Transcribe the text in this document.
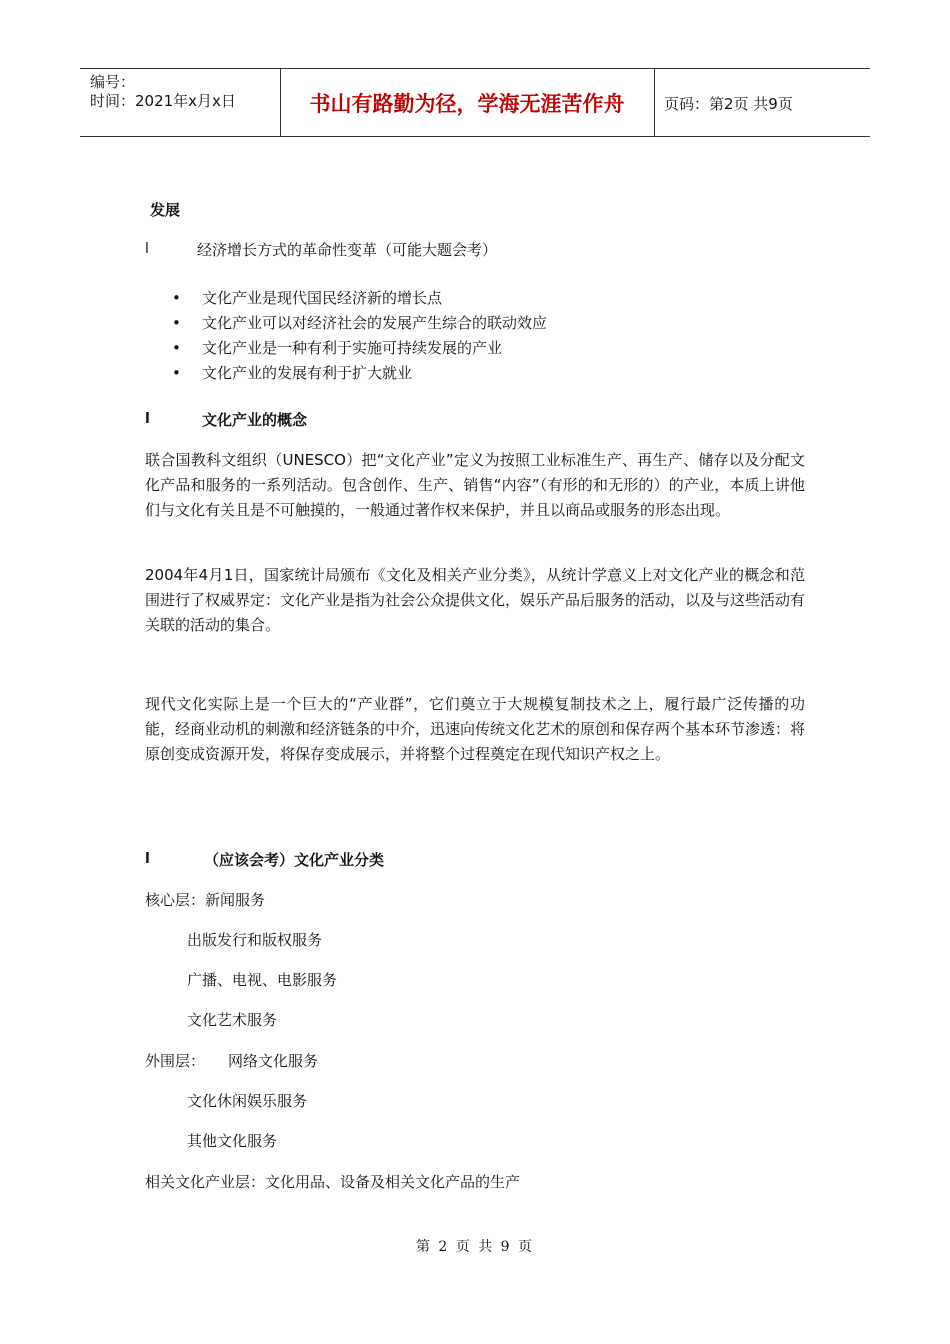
编号：
时间：2021年x月x日	书山有路勤为径，学海无涯苦作舟	页码：第2页 共9页
发展
l	经济增长方式的革命性变革（可能大题会考）
• 文化产业是现代国民经济新的增长点
• 文化产业可以对经济社会的发展产生综合的联动效应
• 文化产业是一种有利于实施可持续发展的产业
• 文化产业的发展有利于扩大就业
l	文化产业的概念
联合国教科文组织（UNESCO）把“文化产业”定义为按照工业标准生产、再生产、储存以及分配文化产品和服务的一系列活动。包含创作、生产、销售“内容”（有形的和无形的）的产业，本质上讲他们与文化有关且是不可触摸的，一般通过著作权来保护，并且以商品或服务的形态出现。
2004年4月1日，国家统计局颁布《文化及相关产业分类》，从统计学意义上对文化产业的概念和范围进行了权威界定：文化产业是指为社会公众提供文化，娱乐产品后服务的活动，以及与这些活动有关联的活动的集合。
现代文化实际上是一个巨大的“产业群”，它们奠立于大规模复制技术之上，履行最广泛传播的功能，经商业动机的刺激和经济链条的中介，迅速向传统文化艺术的原创和保存两个基本环节渗透：将原创变成资源开发，将保存变成展示，并将整个过程奠定在现代知识产权之上。
l	（应该会考）文化产业分类
核心层：新闻服务
出版发行和版权服务
广播、电视、电影服务
文化艺术服务
外围层： 网络文化服务
文化休闲娱乐服务
其他文化服务
相关文化产业层：文化用品、设备及相关文化产品的生产
第 2 页 共 9 页
